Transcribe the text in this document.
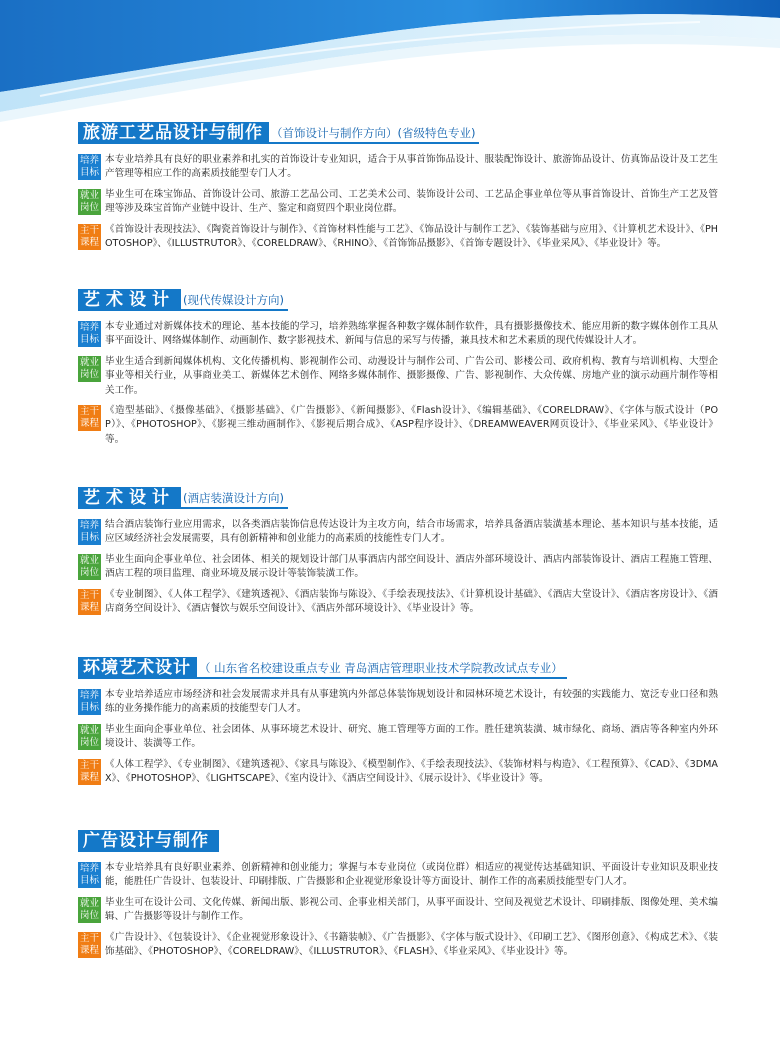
旅游工艺品设计与制作 （首饰设计与制作方向）(省级特色专业)
培养
目标
本专业培养具有良好的职业素养和扎实的首饰设计专业知识，适合于从事首饰饰品设计、服装配饰设计、旅游饰品设计、仿真饰品设计及工艺生产管理等相应工作的高素质技能型专门人才。
就业
岗位
毕业生可在珠宝饰品、首饰设计公司、旅游工艺品公司、工艺美术公司、装饰设计公司、工艺品企事业单位等从事首饰设计、首饰生产工艺及管理等涉及珠宝首饰产业链中设计、生产、鉴定和商贸四个职业岗位群。
主干
课程
《首饰设计表现技法》、《陶瓷首饰设计与制作》、《首饰材料性能与工艺》、《饰品设计与制作工艺》、《装饰基础与应用》、《计算机艺术设计》、《PHOTOSHOP》、《ILLUSTRUTOR》、《CORELDRAW》、《RHINO》、《首饰饰品摄影》、《首饰专题设计》、《毕业采风》、《毕业设计》等。
艺术设计 (现代传媒设计方向)
培养
目标
本专业通过对新媒体技术的理论、基本技能的学习，培养熟练掌握各种数字媒体制作软件，具有摄影摄像技术、能应用新的数字媒体创作工具从事平面设计、网络媒体制作、动画制作、数字影视技术、新闻与信息的采写与传播，兼具技术和艺术素质的现代传媒设计人才。
就业
岗位
毕业生适合到新闻媒体机构、文化传播机构、影视制作公司、动漫设计与制作公司、广告公司、影楼公司、政府机构、教育与培训机构、大型企事业等相关行业，从事商业美工、新媒体艺术创作、网络多媒体制作、摄影摄像、广告、影视制作、大众传媒、房地产业的演示动画片制作等相关工作。
主干
课程
《造型基础》、《摄像基础》、《摄影基础》、《广告摄影》、《新闻摄影》、《Flash设计》、《编辑基础》、《CORELDRAW》、《字体与版式设计（POP）》、《PHOTOSHOP》、《影视三维动画制作》、《影视后期合成》、《ASP程序设计》、《DREAMWEAVER网页设计》、《毕业采风》、《毕业设计》等。
艺术设计 (酒店装潢设计方向)
培养
目标
结合酒店装饰行业应用需求，以各类酒店装饰信息传达设计为主攻方向，结合市场需求，培养具备酒店装潢基本理论、基本知识与基本技能，适应区域经济社会发展需要，具有创新精神和创业能力的高素质的技能性专门人才。
就业
岗位
毕业生面向企事业单位、社会团体、相关的规划设计部门从事酒店内部空间设计、酒店外部环境设计、酒店内部装饰设计、酒店工程施工管理、酒店工程的项目监理、商业环境及展示设计等装饰装潢工作。
主干
课程
《专业制图》、《人体工程学》、《建筑透视》、《酒店装饰与陈设》、《手绘表现技法》、《计算机设计基础》、《酒店大堂设计》、《酒店客房设计》、《酒店商务空间设计》、《酒店餐饮与娱乐空间设计》、《酒店外部环境设计》、《毕业设计》等。
环境艺术设计 （ 山东省名校建设重点专业 青岛酒店管理职业技术学院教改试点专业）
培养
目标
本专业培养适应市场经济和社会发展需求并具有从事建筑内外部总体装饰规划设计和园林环境艺术设计，有较强的实践能力、宽泛专业口径和熟练的业务操作能力的高素质的技能型专门人才。
就业
岗位
毕业生面向企事业单位、社会团体、从事环境艺术设计、研究、施工管理等方面的工作。胜任建筑装潢、城市绿化、商场、酒店等各种室内外环境设计、装潢等工作。
主干
课程
《人体工程学》、《专业制图》、《建筑透视》、《家具与陈设》、《模型制作》、《手绘表现技法》、《装饰材料与构造》、《工程预算》、《CAD》、《3DMAX》、《PHOTOSHOP》、《LIGHTSCAPE》、《室内设计》、《酒店空间设计》、《展示设计》、《毕业设计》等。
广告设计与制作
培养
目标
本专业培养具有良好职业素养、创新精神和创业能力；掌握与本专业岗位（或岗位群）相适应的视觉传达基础知识、平面设计专业知识及职业技能，能胜任广告设计、包装设计、印刷排版、广告摄影和企业视觉形象设计等方面设计、制作工作的高素质技能型专门人才。
就业
岗位
毕业生可在设计公司、文化传媒、新闻出版、影视公司、企事业相关部门，从事平面设计、空间及视觉艺术设计、印刷排版、图像处理、美术编辑、广告摄影等设计与制作工作。
主干
课程
《广告设计》、《包装设计》、《企业视觉形象设计》、《书籍装帧》、《广告摄影》、《字体与版式设计》、《印刷工艺》、《图形创意》、《构成艺术》、《装饰基础》、《PHOTOSHOP》、《CORELDRAW》、《ILLUSTRUTOR》、《FLASH》、《毕业采风》、《毕业设计》等。
